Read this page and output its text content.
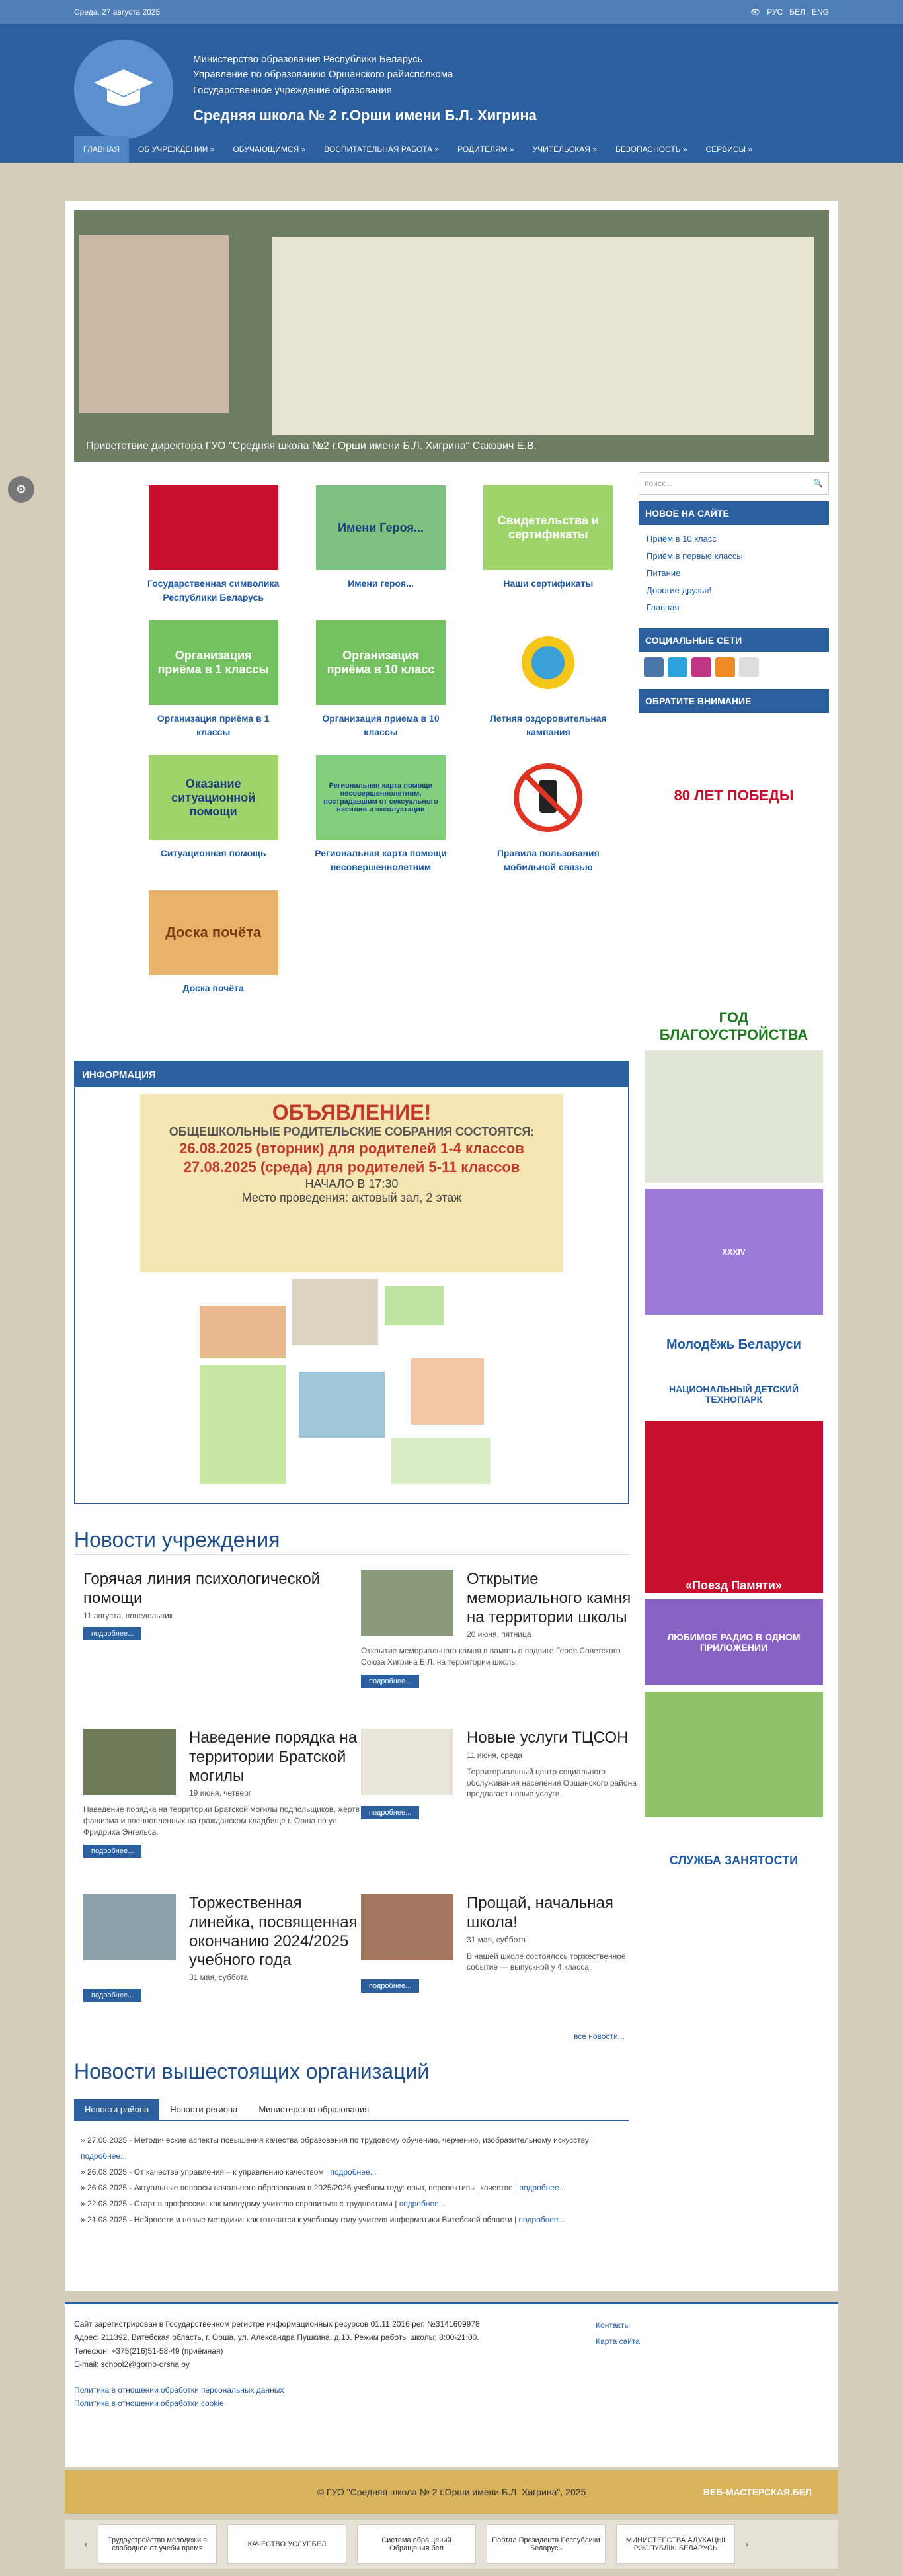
Среда, 27 августа 2025	👁 РУС БЕЛ ENG
Министерство образования Республики Беларусь
Управление по образованию Оршанского райисполкома
Государственное учреждение образования
Средняя школа № 2 г.Орши имени Б.Л. Хигрина
ГЛАВНАЯ	ОБ УЧРЕЖДЕНИИ »	ОБУЧАЮЩИМСЯ »	ВОСПИТАТЕЛЬНАЯ РАБОТА »	РОДИТЕЛЯМ »	УЧИТЕЛЬСКАЯ »	БЕЗОПАСНОСТЬ »	СЕРВИСЫ »
⚙
Приветствие директора ГУО "Средняя школа №2 г.Орши имени Б.Л. Хигрина" Сакович Е.В.
Государственная символика Республики Беларусь
Имени Героя...
Имени героя...
Свидетельства и сертификаты
Наши сертификаты
Организация приёма в 1 классы
Организация приёма в 1 классы
Организация приёма в 10 класс
Организация приёма в 10 классы
Летняя оздоровительная кампания
Оказание ситуационной помощи
Ситуационная помощь
Региональная карта помощи несовершеннолетним, пострадавшим от сексуального насилия и эксплуатации
Региональная карта помощи несовершеннолетним
Правила пользования мобильной связью
Доска почёта
Доска почёта
ИНФОРМАЦИЯ
ОБЪЯВЛЕНИЕ!
ОБЩЕШКОЛЬНЫЕ РОДИТЕЛЬСКИЕ СОБРАНИЯ СОСТОЯТСЯ:
26.08.2025 (вторник) для родителей 1-4 классов
27.08.2025 (среда) для родителей 5-11 классов
НАЧАЛО В 17:30
Место проведения: актовый зал, 2 этаж
Новости учреждения
Горячая линия психологической помощи
11 августа, понедельник
подробнее...
Открытие мемориального камня на территории школы
20 июня, пятница
Открытие мемориального камня в память о подвиге Героя Советского Союза Хигрина Б.Л. на территории школы.
подробнее...
Наведение порядка на территории Братской могилы
19 июня, четверг
Наведение порядка на территории Братской могилы подпольщиков, жертв фашизма и военнопленных на гражданском кладбище г. Орша по ул. Фридриха Энгельса.
подробнее...
Новые услуги ТЦСОН
11 июня, среда
Территориальный центр социального обслуживания населения Оршанского района предлагает новые услуги.
подробнее...
Торжественная линейка, посвященная окончанию 2024/2025 учебного года
31 мая, суббота
подробнее...
Прощай, начальная школа!
31 мая, суббота
В нашей школе состоялось торжественное событие — выпускной у 4 класса.
подробнее...
все новости...
Новости вышестоящих организаций
Новости района	Новости региона	Министерство образования
» 27.08.2025 - Методические аспекты повышения качества образования по трудовому обучению, черчению, изобразительному искусству | подробнее...
» 26.08.2025 - От качества управления – к управлению качеством | подробнее...
» 26.08.2025 - Актуальные вопросы начального образования в 2025/2026 учебном году: опыт, перспективы, качество | подробнее...
» 22.08.2025 - Старт в профессии: как молодому учителю справиться с трудностями | подробнее...
» 21.08.2025 - Нейросети и новые методики: как готовятся к учебному году учителя информатики Витебской области | подробнее...
поиск...	🔍
НОВОЕ НА САЙТЕ
Приём в 10 класс
Приём в первые классы
Питание
Дорогие друзья!
Главная
СОЦИАЛЬНЫЕ СЕТИ
ОБРАТИТЕ ВНИМАНИЕ
80 ЛЕТ ПОБЕДЫ
ГОД БЛАГОУСТРОЙСТВА
XXXIV
Молодёжь Беларуси
НАЦИОНАЛЬНЫЙ ДЕТСКИЙ ТЕХНОПАРК
«Поезд Памяти»
ЛЮБИМОЕ РАДИО В ОДНОМ ПРИЛОЖЕНИИ
СЛУЖБА ЗАНЯТОСТИ
Сайт зарегистрирован в Государственном регистре информационных ресурсов 01.11.2016 рег. №3141609978
Адрес: 211392, Витебская область, г. Орша, ул. Александра Пушкина, д.13. Режим работы школы: 8:00-21:00.
Телефон: +375(216)51-58-49 (приёмная)
E-mail: school2@gorno-orsha.by
Политика в отношении обработки персональных данных
Политика в отношении обработки cookie
Контакты
Карта сайта
© ГУО "Средняя школа № 2 г.Орши имени Б.Л. Хигрина", 2025	ВЕБ-МАСТЕРСКАЯ.БЕЛ
‹	Трудоустройство молодежи в свободное от учебы время	КАЧЕСТВО УСЛУГ.БЕЛ	Система обращений Обращения.бел
Портал Президента Республики Беларусь
МИНИСТЕРСТВА АДУКАЦЫІ РЭСПУБЛІКІ БЕЛАРУСЬ	›
